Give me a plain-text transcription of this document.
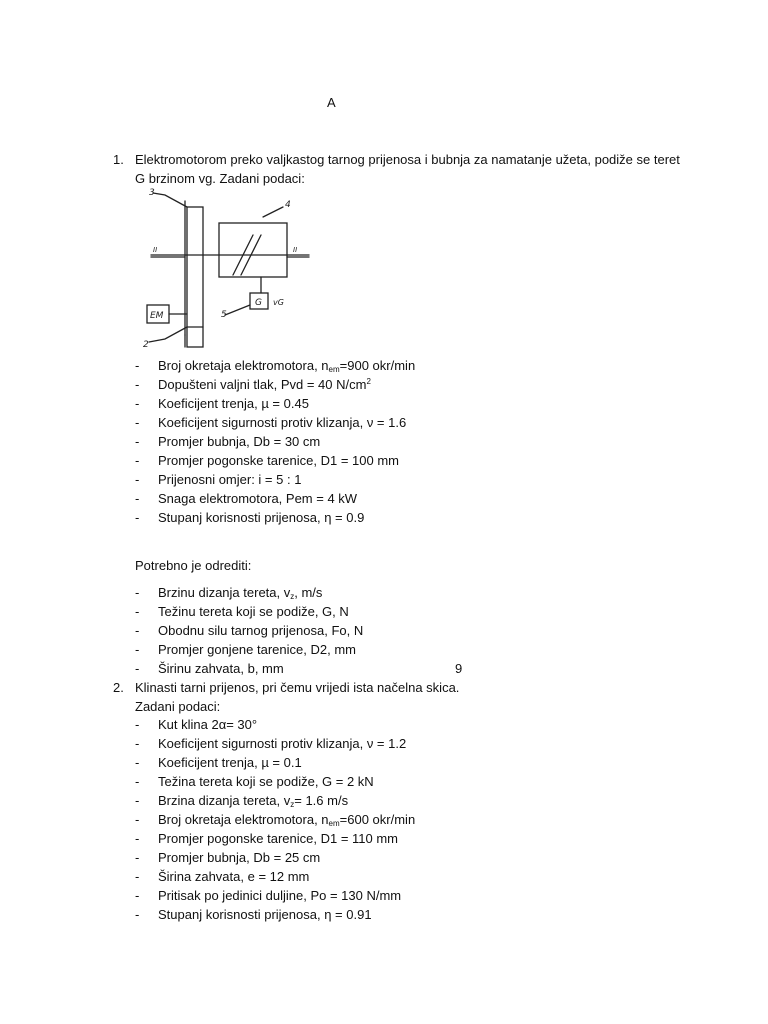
A
1. Elektromotorom preko valjkastog tarnog prijenosa i bubnja za namatanje užeta, podiže se teret
G brzinom vg. Zadani podaci:
3
4
2
5
EM
G vG
II	II
- Broj okretaja elektromotora, $n_{em}=900$ okr/min
- Dopušteni valjni tlak, Pvd = 40 $N/cm^2$
- Koeficijent trenja, µ = 0.45
- Koeficijent sigurnosti protiv klizanja, ν = 1.6
- Promjer bubnja, Db = 30 cm
- Promjer pogonske tarenice, D1 = 100 mm
- Prijenosni omjer: i = 5 : 1
- Snaga elektromotora, Pem = 4 kW
- Stupanj korisnosti prijenosa, η = 0.9
Potrebno je odrediti:
- Brzinu dizanja tereta, $v_z$, m/s
- Težinu tereta koji se podiže, G, N
- Obodnu silu tarnog prijenosa, Fo, N
- Promjer gonjene tarenice, D2, mm
- Širinu zahvata, b, mm	9
2. Klinasti tarni prijenos, pri čemu vrijedi ista načelna skica.
Zadani podaci:
- Kut klina 2α= 30°
- Koeficijent sigurnosti protiv klizanja, ν = 1.2
- Koeficijent trenja, µ = 0.1
- Težina tereta koji se podiže, G = 2 kN
- Brzina dizanja tereta, $v_z= 1.6$ m/s
- Broj okretaja elektromotora, $n_{em}=600$ okr/min
- Promjer pogonske tarenice, D1 = 110 mm
- Promjer bubnja, Db = 25 cm
- Širina zahvata, e = 12 mm
- Pritisak po jedinici duljine, Po = 130 N/mm
- Stupanj korisnosti prijenosa, η = 0.91
